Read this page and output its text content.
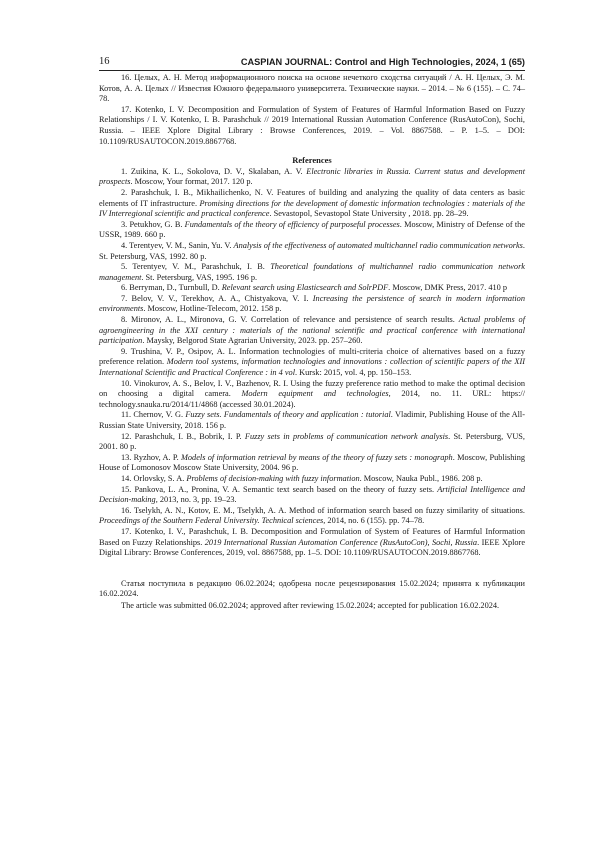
16	CASPIAN JOURNAL: Control and High Technologies, 2024, 1 (65)

16. Целых, А. Н. Метод информационного поиска на основе нечеткого сходства ситуаций / А. Н. Целых, Э. М. Котов, А. А. Целых // Известия Южного федерального университета. Технические науки. – 2014. – № 6 (155). – С. 74–78.

17. Kotenko, I. V. Decomposition and Formulation of System of Features of Harmful Information Based on Fuzzy Relationships / I. V. Kotenko, I. B. Parashchuk // 2019 International Russian Automation Conference (RusAutoCon), Sochi, Russia. – IEEE Xplore Digital Library : Browse Conferences, 2019. – Vol. 8867588. – P. 1–5. – DOI: 10.1109/RUSAUTOCON.2019.8867768.

References

1. Zuikina, K. L., Sokolova, D. V., Skalaban, A. V. Electronic libraries in Russia. Current status and development prospects. Moscow, Your format, 2017. 120 p.

2. Parashchuk, I. B., Mikhailichenko, N. V. Features of building and analyzing the quality of data centers as basic elements of IT infrastructure. Promising directions for the development of domestic information technologies : materials of the IV Interregional scientific and practical conference. Sevastopol, Sevastopol State University , 2018. pp. 28–29.

3. Petukhov, G. B. Fundamentals of the theory of efficiency of purposeful processes. Moscow, Ministry of Defense of the USSR, 1989. 660 p.

4. Terentyev, V. M., Sanin, Yu. V. Analysis of the effectiveness of automated multichannel radio communication networks. St. Petersburg, VAS, 1992. 80 p.

5. Terentyev, V. M., Parashchuk, I. B. Theoretical foundations of multichannel radio communication network management. St. Petersburg, VAS, 1995. 196 p.

6. Berryman, D., Turnbull, D. Relevant search using Elasticsearch and SolrPDF. Moscow, DMK Press, 2017. 410 p

7. Belov, V. V., Terekhov, A. A., Chistyakova, V. I. Increasing the persistence of search in modern information environments. Moscow, Hotline-Telecom, 2012. 158 p.

8. Mironov, A. L., Mironova, G. V. Correlation of relevance and persistence of search results. Actual problems of agroengineering in the XXI century : materials of the national scientific and practical conference with international participation. Maysky, Belgorod State Agrarian University, 2023. pp. 257–260.

9. Trushina, V. P., Osipov, A. L. Information technologies of multi-criteria choice of alternatives based on a fuzzy preference relation. Modern tool systems, information technologies and innovations : collection of scientific papers of the XII International Scientific and Practical Conference : in 4 vol. Kursk: 2015, vol. 4, pp. 150–153.

10. Vinokurov, A. S., Belov, I. V., Bazhenov, R. I. Using the fuzzy preference ratio method to make the optimal decision on choosing a digital camera. Modern equipment and technologies, 2014, no. 11. URL: https:// technology.snauka.ru/2014/11/4868 (accessed 30.01.2024).

11. Chernov, V. G. Fuzzy sets. Fundamentals of theory and application : tutorial. Vladimir, Publishing House of the All-Russian State University, 2018. 156 p.

12. Parashchuk, I. B., Bobrik, I. P. Fuzzy sets in problems of communication network analysis. St. Petersburg, VUS, 2001. 80 p.

13. Ryzhov, A. P. Models of information retrieval by means of the theory of fuzzy sets : monograph. Moscow, Publishing House of Lomonosov Moscow State University, 2004. 96 p.

14. Orlovsky, S. A. Problems of decision-making with fuzzy information. Moscow, Nauka Publ., 1986. 208 p.

15. Pankova, L. A., Pronina, V. A. Semantic text search based on the theory of fuzzy sets. Artificial Intelligence and Decision-making, 2013, no. 3, pp. 19–23.

16. Tselykh, A. N., Kotov, E. M., Tselykh, A. A. Method of information search based on fuzzy similarity of situations. Proceedings of the Southern Federal University. Technical sciences, 2014, no. 6 (155). pp. 74–78.

17. Kotenko, I. V., Parashchuk, I. B. Decomposition and Formulation of System of Features of Harmful Information Based on Fuzzy Relationships. 2019 International Russian Automation Conference (RusAutoCon), Sochi, Russia. IEEE Xplore Digital Library: Browse Conferences, 2019, vol. 8867588, pp. 1–5. DOI: 10.1109/RUSAUTOCON.2019.8867768.

Статья поступила в редакцию 06.02.2024; одобрена после рецензирования 15.02.2024; принята к публикации 16.02.2024.

The article was submitted 06.02.2024; approved after reviewing 15.02.2024; accepted for publication 16.02.2024.
